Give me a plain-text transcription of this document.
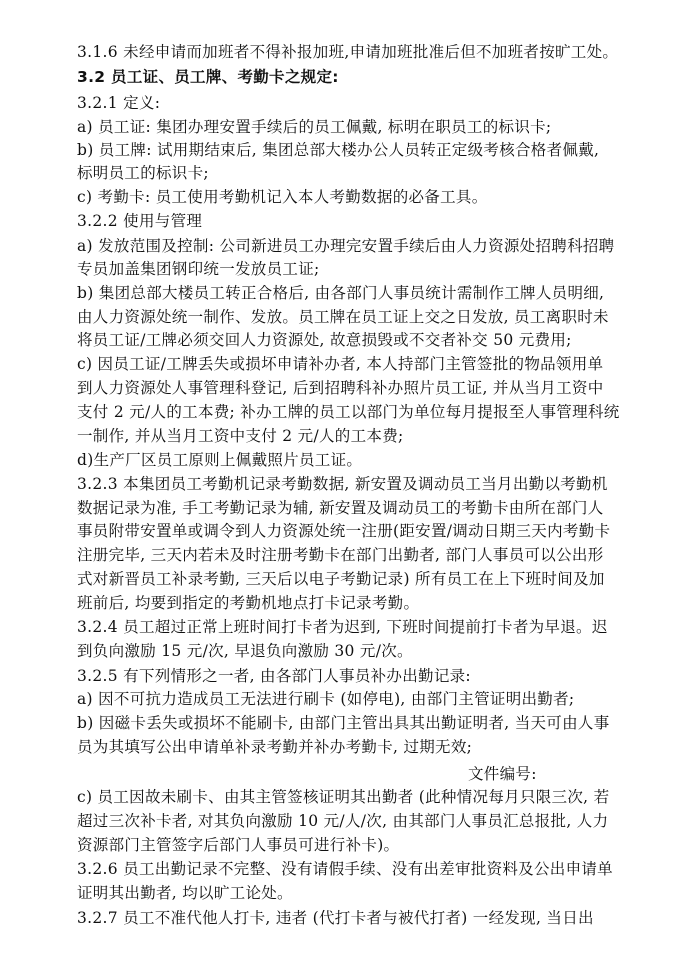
3.1.6 未经申请而加班者不得补报加班,申请加班批准后但不加班者按旷工处。
3.2 员工证、员工牌、考勤卡之规定:
3.2.1 定义:
a) 员工证: 集团办理安置手续后的员工佩戴, 标明在职员工的标识卡;
b) 员工牌: 试用期结束后, 集团总部大楼办公人员转正定级考核合格者佩戴,
标明员工的标识卡;
c) 考勤卡: 员工使用考勤机记入本人考勤数据的必备工具。
3.2.2 使用与管理
a) 发放范围及控制: 公司新进员工办理完安置手续后由人力资源处招聘科招聘
专员加盖集团钢印统一发放员工证;
b) 集团总部大楼员工转正合格后, 由各部门人事员统计需制作工牌人员明细,
由人力资源处统一制作、发放。员工牌在员工证上交之日发放, 员工离职时未
将员工证/工牌必须交回人力资源处, 故意损毁或不交者补交 50 元费用;
c) 因员工证/工牌丢失或损坏申请补办者, 本人持部门主管签批的物品领用单
到人力资源处人事管理科登记, 后到招聘科补办照片员工证, 并从当月工资中
支付 2 元/人的工本费; 补办工牌的员工以部门为单位每月提报至人事管理科统
一制作, 并从当月工资中支付 2 元/人的工本费;
d)生产厂区员工原则上佩戴照片员工证。
3.2.3 本集团员工考勤机记录考勤数据, 新安置及调动员工当月出勤以考勤机
数据记录为准, 手工考勤记录为辅, 新安置及调动员工的考勤卡由所在部门人
事员附带安置单或调令到人力资源处统一注册(距安置/调动日期三天内考勤卡
注册完毕, 三天内若未及时注册考勤卡在部门出勤者, 部门人事员可以公出形
式对新晋员工补录考勤, 三天后以电子考勤记录) 所有员工在上下班时间及加
班前后, 均要到指定的考勤机地点打卡记录考勤。
3.2.4 员工超过正常上班时间打卡者为迟到, 下班时间提前打卡者为早退。迟
到负向激励 15 元/次, 早退负向激励 30 元/次。
3.2.5 有下列情形之一者, 由各部门人事员补办出勤记录:
a) 因不可抗力造成员工无法进行刷卡 (如停电), 由部门主管证明出勤者;
b) 因磁卡丢失或损坏不能刷卡, 由部门主管出具其出勤证明者, 当天可由人事
员为其填写公出申请单补录考勤并补办考勤卡, 过期无效;
文件编号:
c) 员工因故未刷卡、由其主管签核证明其出勤者 (此种情况每月只限三次, 若
超过三次补卡者, 对其负向激励 10 元/人/次, 由其部门人事员汇总报批, 人力
资源部门主管签字后部门人事员可进行补卡)。
3.2.6 员工出勤记录不完整、没有请假手续、没有出差审批资料及公出申请单
证明其出勤者, 均以旷工论处。
3.2.7 员工不准代他人打卡, 违者 (代打卡者与被代打者) 一经发现, 当日出
